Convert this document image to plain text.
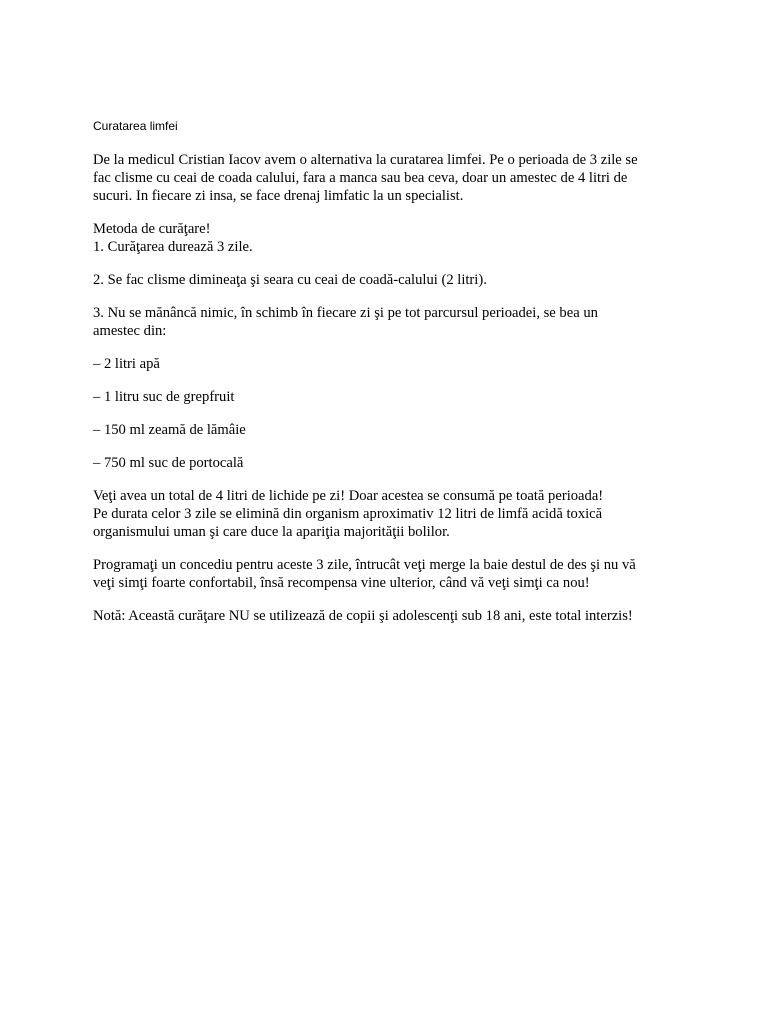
Curatarea limfei
De la medicul Cristian Iacov avem o alternativa la curatarea limfei. Pe o perioada de 3 zile se
fac clisme cu ceai de coada calului, fara a manca sau bea ceva, doar un amestec de 4 litri de
sucuri. In fiecare zi insa, se face drenaj limfatic la un specialist.
Metoda de curăţare!
1. Curăţarea durează 3 zile.
2. Se fac clisme dimineaţa şi seara cu ceai de coadă-calului (2 litri).
3. Nu se mănâncă nimic, în schimb în fiecare zi şi pe tot parcursul perioadei, se bea un
amestec din:
– 2 litri apă
– 1 litru suc de grepfruit
– 150 ml zeamă de lămâie
– 750 ml suc de portocală
Veţi avea un total de 4 litri de lichide pe zi! Doar acestea se consumă pe toată perioada!
Pe durata celor 3 zile se elimină din organism aproximativ 12 litri de limfă acidă toxică
organismului uman şi care duce la apariţia majorităţii bolilor.
Programaţi un concediu pentru aceste 3 zile, întrucât veţi merge la baie destul de des şi nu vă
veţi simţi foarte confortabil, însă recompensa vine ulterior, când vă veţi simţi ca nou!
Notă: Această curăţare NU se utilizează de copii şi adolescenţi sub 18 ani, este total interzis!
